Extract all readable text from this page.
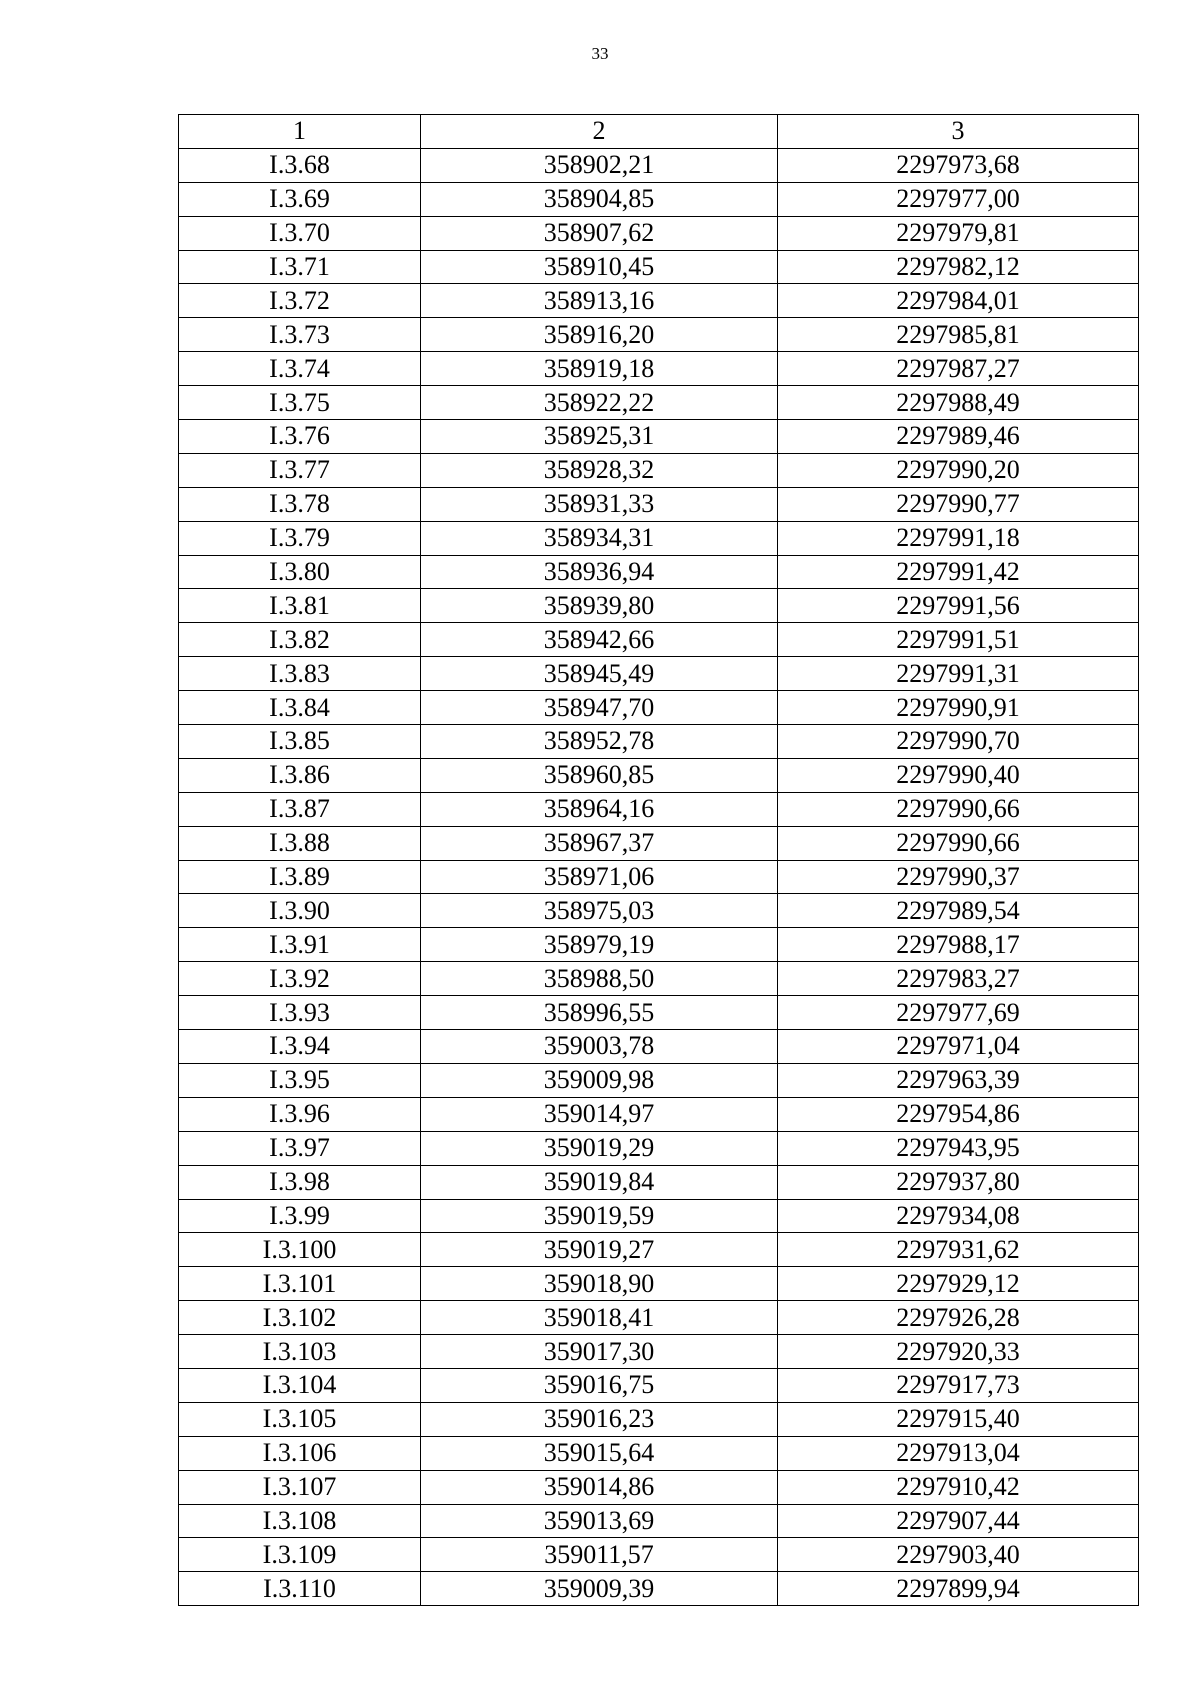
33
1	2	3
I.3.68	358902,21	2297973,68
I.3.69	358904,85	2297977,00
I.3.70	358907,62	2297979,81
I.3.71	358910,45	2297982,12
I.3.72	358913,16	2297984,01
I.3.73	358916,20	2297985,81
I.3.74	358919,18	2297987,27
I.3.75	358922,22	2297988,49
I.3.76	358925,31	2297989,46
I.3.77	358928,32	2297990,20
I.3.78	358931,33	2297990,77
I.3.79	358934,31	2297991,18
I.3.80	358936,94	2297991,42
I.3.81	358939,80	2297991,56
I.3.82	358942,66	2297991,51
I.3.83	358945,49	2297991,31
I.3.84	358947,70	2297990,91
I.3.85	358952,78	2297990,70
I.3.86	358960,85	2297990,40
I.3.87	358964,16	2297990,66
I.3.88	358967,37	2297990,66
I.3.89	358971,06	2297990,37
I.3.90	358975,03	2297989,54
I.3.91	358979,19	2297988,17
I.3.92	358988,50	2297983,27
I.3.93	358996,55	2297977,69
I.3.94	359003,78	2297971,04
I.3.95	359009,98	2297963,39
I.3.96	359014,97	2297954,86
I.3.97	359019,29	2297943,95
I.3.98	359019,84	2297937,80
I.3.99	359019,59	2297934,08
I.3.100	359019,27	2297931,62
I.3.101	359018,90	2297929,12
I.3.102	359018,41	2297926,28
I.3.103	359017,30	2297920,33
I.3.104	359016,75	2297917,73
I.3.105	359016,23	2297915,40
I.3.106	359015,64	2297913,04
I.3.107	359014,86	2297910,42
I.3.108	359013,69	2297907,44
I.3.109	359011,57	2297903,40
I.3.110	359009,39	2297899,94
